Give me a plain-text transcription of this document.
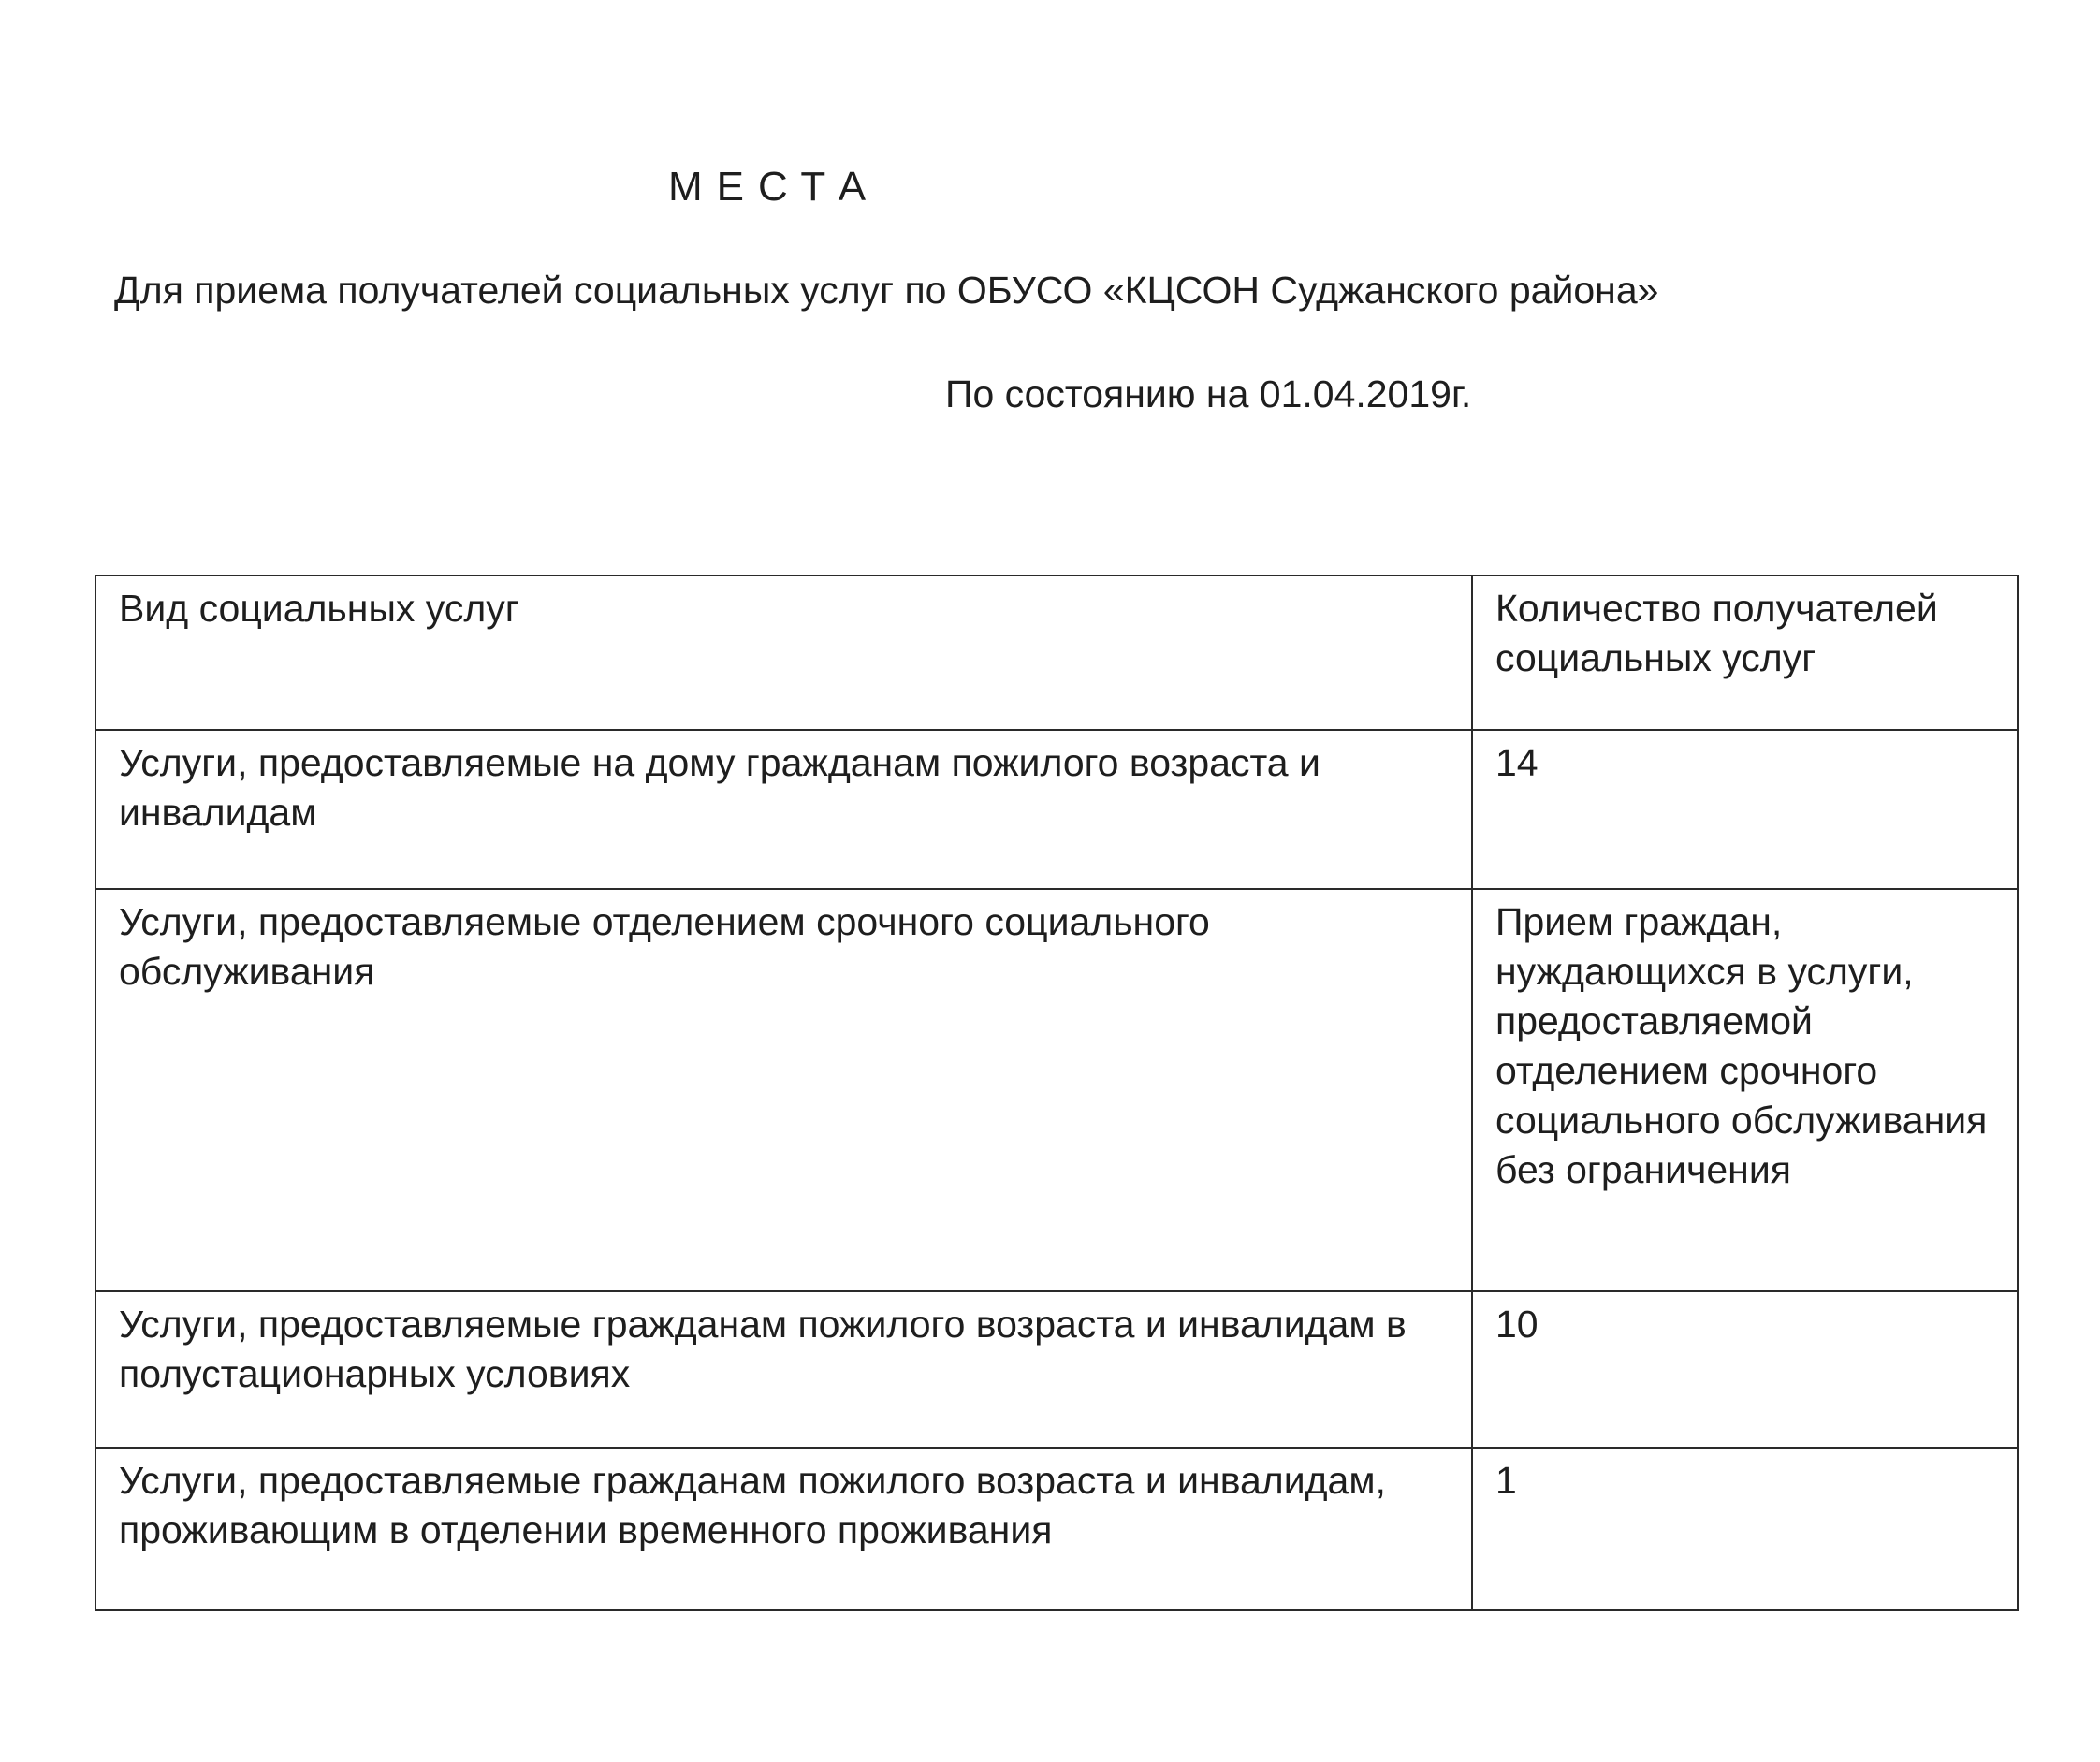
МЕСТА
Для приема получателей социальных услуг по ОБУСО «КЦСОН Суджанского района»
По состоянию на 01.04.2019г.
Вид социальных услуг	Количество получателей социальных услуг
Услуги, предоставляемые на дому гражданам пожилого возраста и инвалидам	14
Услуги, предоставляемые отделением срочного социального обслуживания	Прием граждан, нуждающихся в услуги, предоставляемой отделением срочного социального обслуживания без ограничения
Услуги, предоставляемые гражданам пожилого возраста и инвалидам в полустационарных условиях	10
Услуги, предоставляемые гражданам пожилого возраста и инвалидам, проживающим в отделении временного проживания	1
